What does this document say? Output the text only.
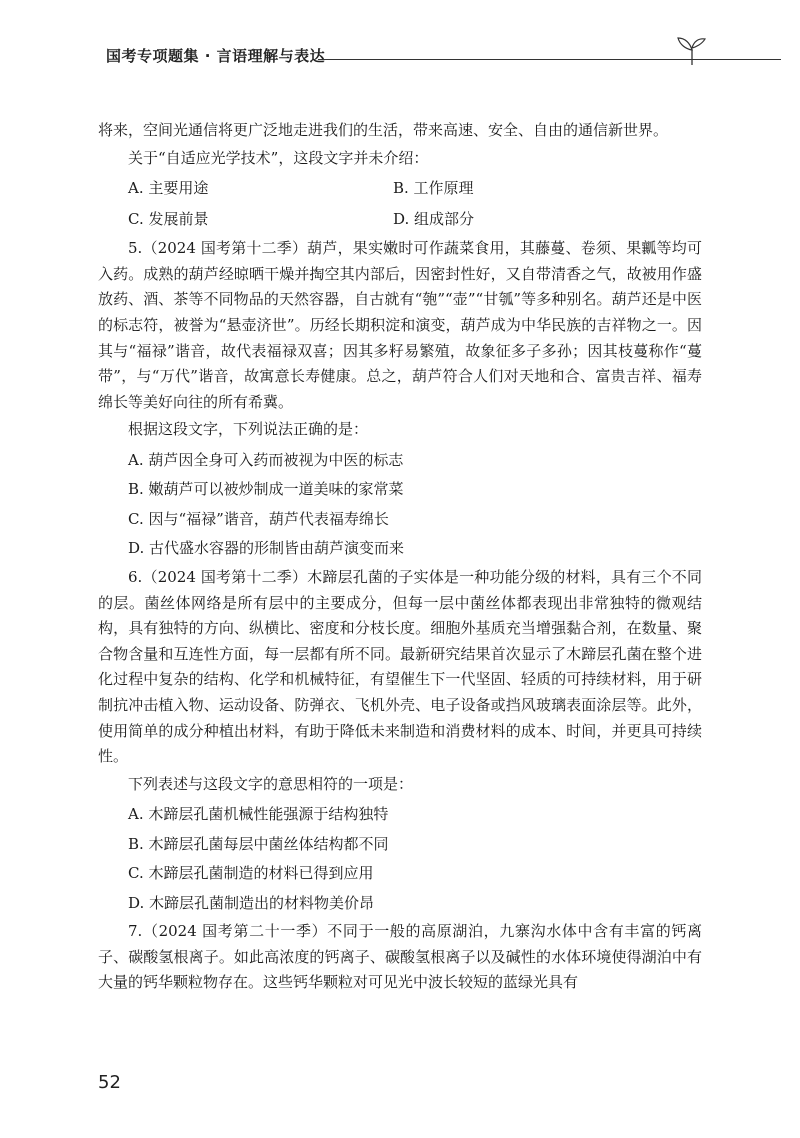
国考专项题集 · 言语理解与表达

将来，空间光通信将更广泛地走进我们的生活，带来高速、安全、自由的通信新世界。

关于“自适应光学技术”，这段文字并未介绍：

A. 主要用途	B. 工作原理
C. 发展前景	D. 组成部分

5.（2024 国考第十二季）葫芦，果实嫩时可作蔬菜食用，其藤蔓、卷须、果瓤等均可入药。成熟的葫芦经晾晒干燥并掏空其内部后，因密封性好，又自带清香之气，故被用作盛放药、酒、茶等不同物品的天然容器，自古就有“匏”“壶”“甘瓠”等多种别名。葫芦还是中医的标志符，被誉为“悬壶济世”。历经长期积淀和演变，葫芦成为中华民族的吉祥物之一。因其与“福禄”谐音，故代表福禄双喜；因其多籽易繁殖，故象征多子多孙；因其枝蔓称作“蔓带”，与“万代”谐音，故寓意长寿健康。总之，葫芦符合人们对天地和合、富贵吉祥、福寿绵长等美好向往的所有希冀。

根据这段文字，下列说法正确的是：

A. 葫芦因全身可入药而被视为中医的标志
B. 嫩葫芦可以被炒制成一道美味的家常菜
C. 因与“福禄”谐音，葫芦代表福寿绵长
D. 古代盛水容器的形制皆由葫芦演变而来

6.（2024 国考第十二季）木蹄层孔菌的子实体是一种功能分级的材料，具有三个不同的层。菌丝体网络是所有层中的主要成分，但每一层中菌丝体都表现出非常独特的微观结构，具有独特的方向、纵横比、密度和分枝长度。细胞外基质充当增强黏合剂，在数量、聚合物含量和互连性方面，每一层都有所不同。最新研究结果首次显示了木蹄层孔菌在整个进化过程中复杂的结构、化学和机械特征，有望催生下一代坚固、轻质的可持续材料，用于研制抗冲击植入物、运动设备、防弹衣、飞机外壳、电子设备或挡风玻璃表面涂层等。此外，使用简单的成分种植出材料，有助于降低未来制造和消费材料的成本、时间，并更具可持续性。

下列表述与这段文字的意思相符的一项是：

A. 木蹄层孔菌机械性能强源于结构独特
B. 木蹄层孔菌每层中菌丝体结构都不同
C. 木蹄层孔菌制造的材料已得到应用
D. 木蹄层孔菌制造出的材料物美价昂

7.（2024 国考第二十一季）不同于一般的高原湖泊，九寨沟水体中含有丰富的钙离子、碳酸氢根离子。如此高浓度的钙离子、碳酸氢根离子以及碱性的水体环境使得湖泊中有大量的钙华颗粒物存在。这些钙华颗粒对可见光中波长较短的蓝绿光具有

52
